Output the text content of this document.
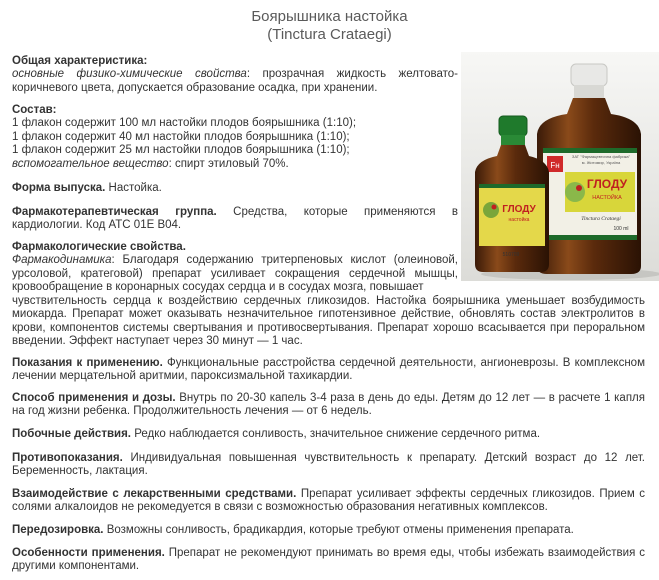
Боярышника настойка
(Tinctura Crataegi)
Fн
ЗАТ "Фармацевтична фабрика"
м. Житомир, Україна
ГЛОДУ
НАСТОЙКА
Tinctura Crataegi
100 ml
ГЛОДУ
настойка
510709

Общая характеристика:
основные физико-химические свойства: прозрачная жидкость желтовато-коричневого цвета, допускается образование осадка, при хранении.

Состав:
1 флакон содержит 100 мл настойки плодов боярышника (1:10);
1 флакон содержит 40 мл настойки плодов боярышника (1:10);
1 флакон содержит 25 мл настойки плодов боярышника (1:10);
вспомогательное вещество: спирт этиловый 70%.

Форма выпуска. Настойка.

Фармакотерапевтическая группа. Средства, которые применяются в кардиологии. Код АТС 01Е В04.

Фармакологические свойства.
Фармакодинамика: Благодаря содержанию тритерпеновых кислот (олеиновой, урсоловой, кратеговой) препарат усиливает сокращения сердечной мышцы, кровообращение в коронарных сосудах сердца и в сосудах мозга, повышает

чувствительность сердца к воздействию сердечных гликозидов. Настойка боярышника уменьшает возбудимость миокарда. Препарат может оказывать незначительное гипотензивное действие, обновлять состав электролитов в крови, компонентов системы свертывания и противосвертывания. Препарат хорошо всасывается при пероральном введении. Эффект наступает через 30 минут — 1 час.

Показания к применению. Функциональные расстройства сердечной деятельности, ангионеврозы. В комплексном лечении мерцательной аритмии, пароксизмальной тахикардии.

Способ применения и дозы. Внутрь по 20-30 капель 3-4 раза в день до еды. Детям до 12 лет — в расчете 1 капля на год жизни ребенка. Продолжительность лечения — от 6 недель.

Побочные действия. Редко наблюдается сонливость, значительное снижение сердечного ритма.

Противопоказания. Индивидуальная повышенная чувствительность к препарату. Детский возраст до 12 лет. Беременность, лактация.

Взаимодействие с лекарственными средствами. Препарат усиливает эффекты сердечных гликозидов. Прием с солями алкалоидов не рекомедуется в связи с возможностью образования негативных комплексов.

Передозировка. Возможны сонливость, брадикардия, которые требуют отмены применения препарата.

Особенности применения. Препарат не рекомендуют принимать во время еды, чтобы избежать взаимодействия с другими компонентами.
